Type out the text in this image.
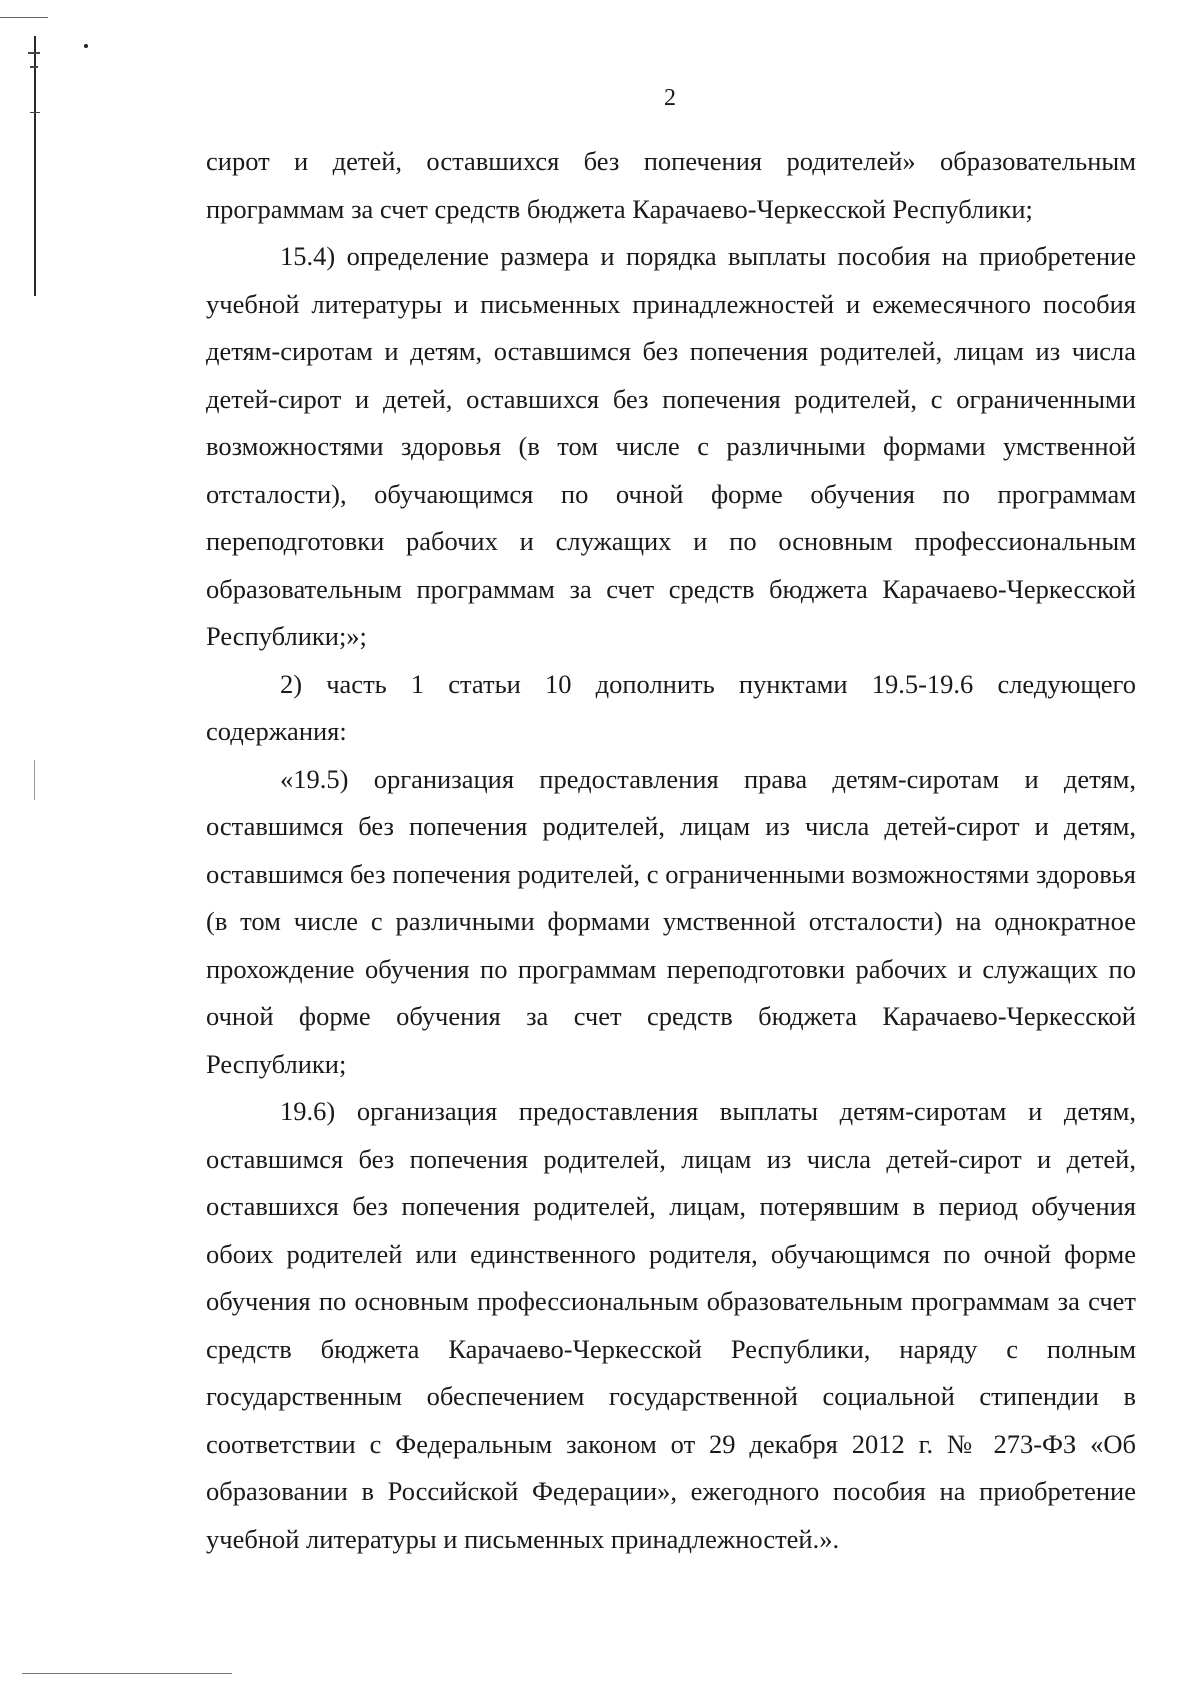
2

сирот и детей, оставшихся без попечения родителей» образовательным программам за счет средств бюджета Карачаево-Черкесской Республики;

15.4) определение размера и порядка выплаты пособия на приобретение учебной литературы и письменных принадлежностей и ежемесячного пособия детям-сиротам и детям, оставшимся без попечения родителей, лицам из числа детей-сирот и детей, оставшихся без попечения родителей, с ограниченными возможностями здоровья (в том числе с различными формами умственной отсталости), обучающимся по очной форме обучения по программам переподготовки рабочих и служащих и по основным профессиональным образовательным программам за счет средств бюджета Карачаево-Черкесской Республики;»;

2) часть 1 статьи 10 дополнить пунктами 19.5-19.6 следующего содержания:

«19.5) организация предоставления права детям-сиротам и детям, оставшимся без попечения родителей, лицам из числа детей-сирот и детям, оставшимся без попечения родителей, с ограниченными возможностями здоровья (в том числе с различными формами умственной отсталости) на однократное прохождение обучения по программам переподготовки рабочих и служащих по очной форме обучения за счет средств бюджета Карачаево-Черкесской Республики;

19.6) организация предоставления выплаты детям-сиротам и детям, оставшимся без попечения родителей, лицам из числа детей-сирот и детей, оставшихся без попечения родителей, лицам, потерявшим в период обучения обоих родителей или единственного родителя, обучающимся по очной форме обучения по основным профессиональным образовательным программам за счет средств бюджета Карачаево-Черкесской Республики, наряду с полным государственным обеспечением государственной социальной стипендии в соответствии с Федеральным законом от 29 декабря 2012 г. № 273-ФЗ «Об образовании в Российской Федерации», ежегодного пособия на приобретение учебной литературы и письменных принадлежностей.».
